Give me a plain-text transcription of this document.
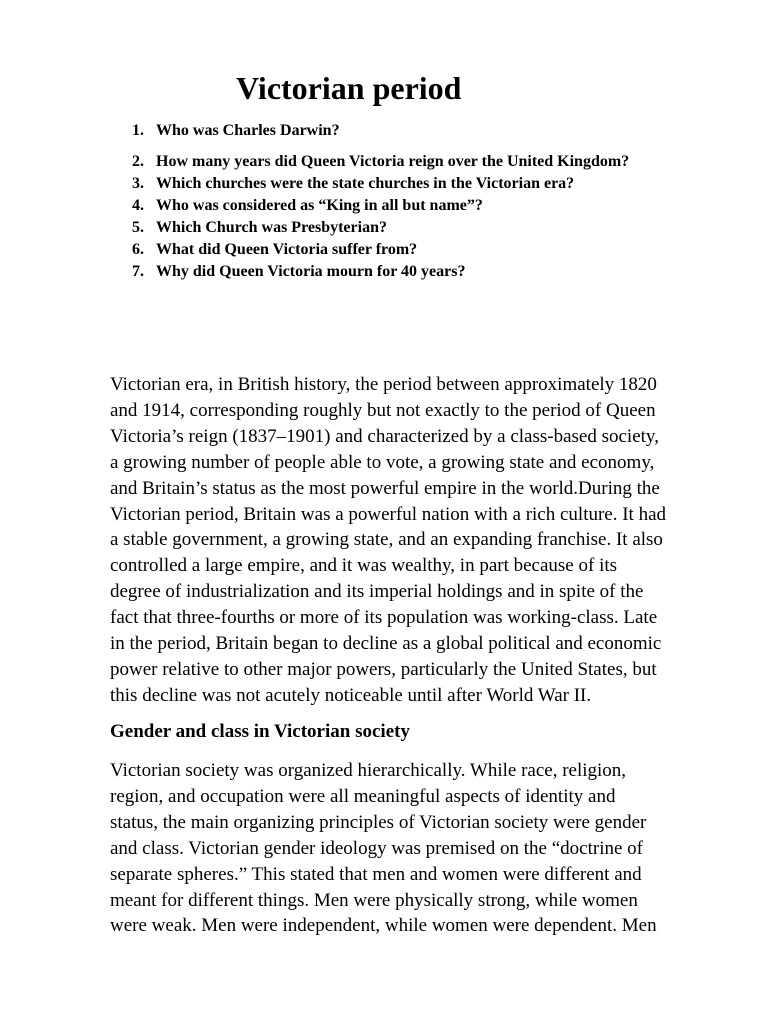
Victorian period
1. Who was Charles Darwin?
2. How many years did Queen Victoria reign over the United Kingdom?
3. Which churches were the state churches in the Victorian era?
4. Who was considered as “King in all but name”?
5. Which Church was Presbyterian?
6. What did Queen Victoria suffer from?
7. Why did Queen Victoria mourn for 40 years?

Victorian era, in British history, the period between approximately 1820
and 1914, corresponding roughly but not exactly to the period of Queen
Victoria’s reign (1837–1901) and characterized by a class-based society,
a growing number of people able to vote, a growing state and economy,
and Britain’s status as the most powerful empire in the world.During the
Victorian period, Britain was a powerful nation with a rich culture. It had
a stable government, a growing state, and an expanding franchise. It also
controlled a large empire, and it was wealthy, in part because of its
degree of industrialization and its imperial holdings and in spite of the
fact that three-fourths or more of its population was working-class. Late
in the period, Britain began to decline as a global political and economic
power relative to other major powers, particularly the United States, but
this decline was not acutely noticeable until after World War II.

Gender and class in Victorian society

Victorian society was organized hierarchically. While race, religion,
region, and occupation were all meaningful aspects of identity and
status, the main organizing principles of Victorian society were gender
and class. Victorian gender ideology was premised on the “doctrine of
separate spheres.” This stated that men and women were different and
meant for different things. Men were physically strong, while women
were weak. Men were independent, while women were dependent. Men
